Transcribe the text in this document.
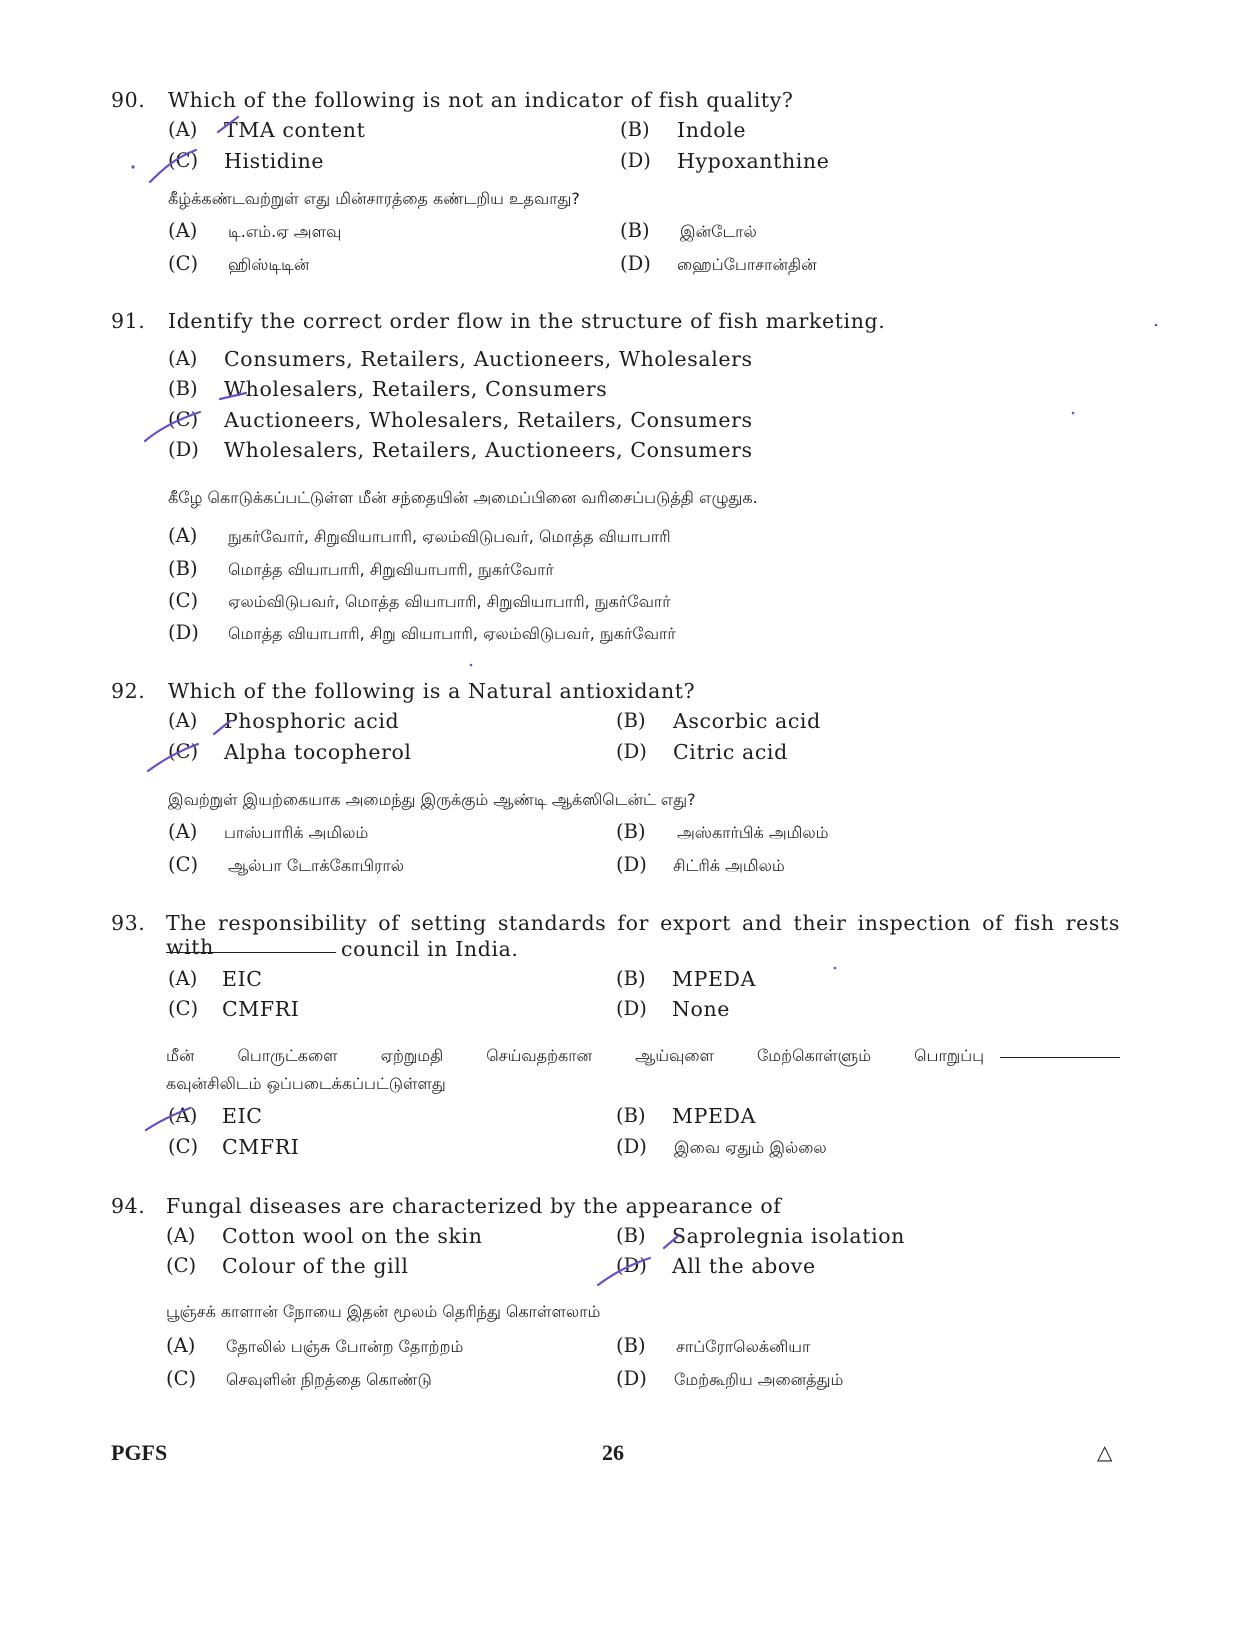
90. Which of the following is not an indicator of fish quality?
(A) TMA content	(B) Indole
(C) Histidine	(D) Hypoxanthine
கீழ்க்கண்டவற்றுள் எது மின்சாரத்தை கண்டறிய உதவாது?
(A) டி.எம்.ஏ அளவு	(B) இன்டோல்
(C) ஹிஸ்டிடின்	(D) ஹைப்போசான்தின்
91. Identify the correct order flow in the structure of fish marketing.
(A) Consumers, Retailers, Auctioneers, Wholesalers
(B) Wholesalers, Retailers, Consumers
(C) Auctioneers, Wholesalers, Retailers, Consumers
(D) Wholesalers, Retailers, Auctioneers, Consumers
கீழே கொடுக்கப்பட்டுள்ள மீன் சந்தையின் அமைப்பினை வரிசைப்படுத்தி எழுதுக.
(A) நுகர்வோர், சிறுவியாபாரி, ஏலம்விடுபவர், மொத்த வியாபாரி
(B) மொத்த வியாபாரி, சிறுவியாபாரி, நுகர்வோர்
(C) ஏலம்விடுபவர், மொத்த வியாபாரி, சிறுவியாபாரி, நுகர்வோர்
(D) மொத்த வியாபாரி, சிறு வியாபாரி, ஏலம்விடுபவர், நுகர்வோர்
92. Which of the following is a Natural antioxidant?
(A) Phosphoric acid	(B) Ascorbic acid
(C) Alpha tocopherol	(D) Citric acid
இவற்றுள் இயற்கையாக அமைந்து இருக்கும் ஆண்டி ஆக்ஸிடென்ட் எது?
(A) பாஸ்பாரிக் அமிலம்	(B) அஸ்கார்பிக் அமிலம்
(C) ஆல்பா டோக்கோபிரால்	(D) சிட்ரிக் அமிலம்
93. The responsibility of setting standards for export and their inspection of fish rests with	council in India.
(A) EIC	(B) MPEDA
(C) CMFRI	(D) None
மீன் பொருட்களை ஏற்றுமதி செய்வதற்கான ஆய்வுளை மேற்கொள்ளும் பொறுப்பு
கவுன்சிலிடம் ஒப்படைக்கப்பட்டுள்ளது
(A) EIC	(B) MPEDA
(C) CMFRI	(D) இவை ஏதும் இல்லை
94. Fungal diseases are characterized by the appearance of
(A) Cotton wool on the skin	(B) Saprolegnia isolation
(C) Colour of the gill	(D) All the above
பூஞ்சக் காளான் நோயை இதன் மூலம் தெரிந்து கொள்ளலாம்
(A) தோலில் பஞ்சு போன்ற தோற்றம்	(B) சாப்ரோலெக்னியா
(C) செவுளின் நிறத்தை கொண்டு	(D) மேற்கூறிய அனைத்தும்
PGFS	26	△
